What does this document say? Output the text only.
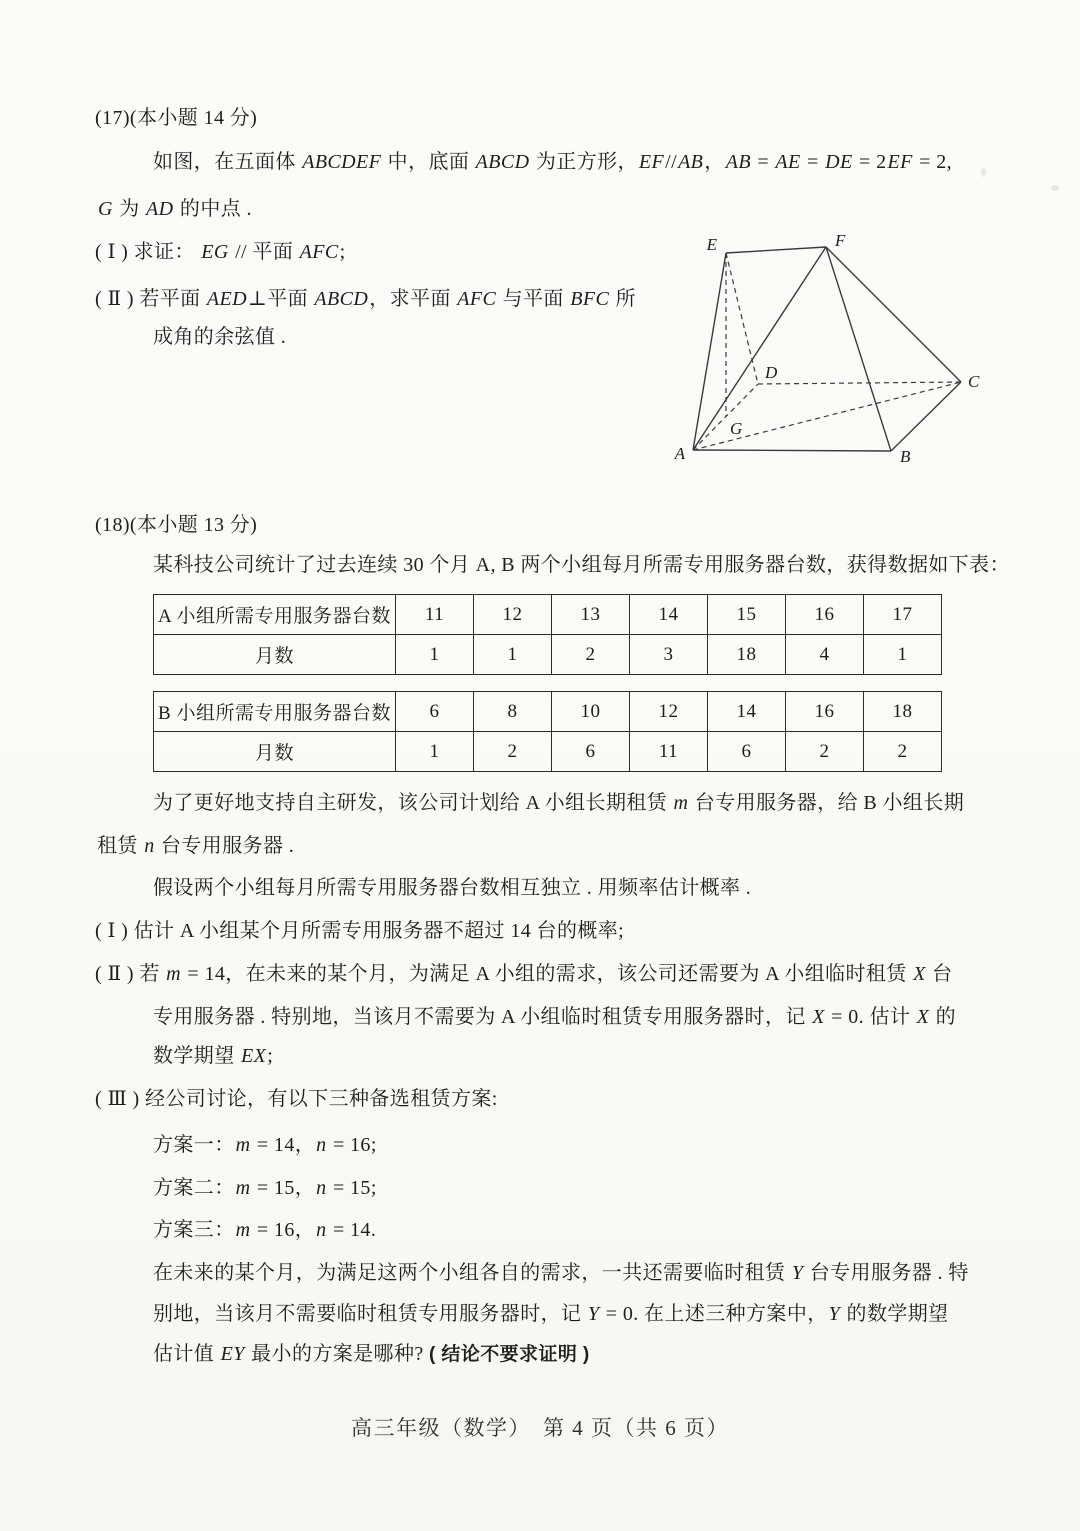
(17)(本小题 14 分)
如图，在五面体 ABCDEF 中，底面 ABCD 为正方形，EF//AB，AB = AE = DE = 2EF = 2,
G 为 AD 的中点 .
( Ⅰ ) 求证： EG // 平面 AFC;
( Ⅱ ) 若平面 AED⊥平面 ABCD，求平面 AFC 与平面 BFC 所
成角的余弦值 .
E	F
D	C
G
A	B
(18)(本小题 13 分)
某科技公司统计了过去连续 30 个月 A, B 两个小组每月所需专用服务器台数，获得数据如下表：
A 小组所需专用服务器台数	11	12	13	14	15	16	17
月数	1	1	2	3	18	4	1
B 小组所需专用服务器台数	6	8	10	12	14	16	18
月数	1	2	6	11	6	2	2
为了更好地支持自主研发，该公司计划给 A 小组长期租赁 m 台专用服务器，给 B 小组长期
租赁 n 台专用服务器 .
假设两个小组每月所需专用服务器台数相互独立 . 用频率估计概率 .
( Ⅰ ) 估计 A 小组某个月所需专用服务器不超过 14 台的概率;
( Ⅱ ) 若 m = 14，在未来的某个月，为满足 A 小组的需求，该公司还需要为 A 小组临时租赁 X 台
专用服务器 . 特别地，当该月不需要为 A 小组临时租赁专用服务器时，记 X = 0. 估计 X 的
数学期望 EX;
( Ⅲ ) 经公司讨论，有以下三种备选租赁方案:
方案一：m = 14，n = 16;
方案二：m = 15，n = 15;
方案三：m = 16，n = 14.
在未来的某个月，为满足这两个小组各自的需求，一共还需要临时租赁 Y 台专用服务器 . 特
别地，当该月不需要临时租赁专用服务器时，记 Y = 0. 在上述三种方案中，Y 的数学期望
估计值 EY 最小的方案是哪种? ( 结论不要求证明 )
高三年级（数学）　第 4 页（共 6 页）
